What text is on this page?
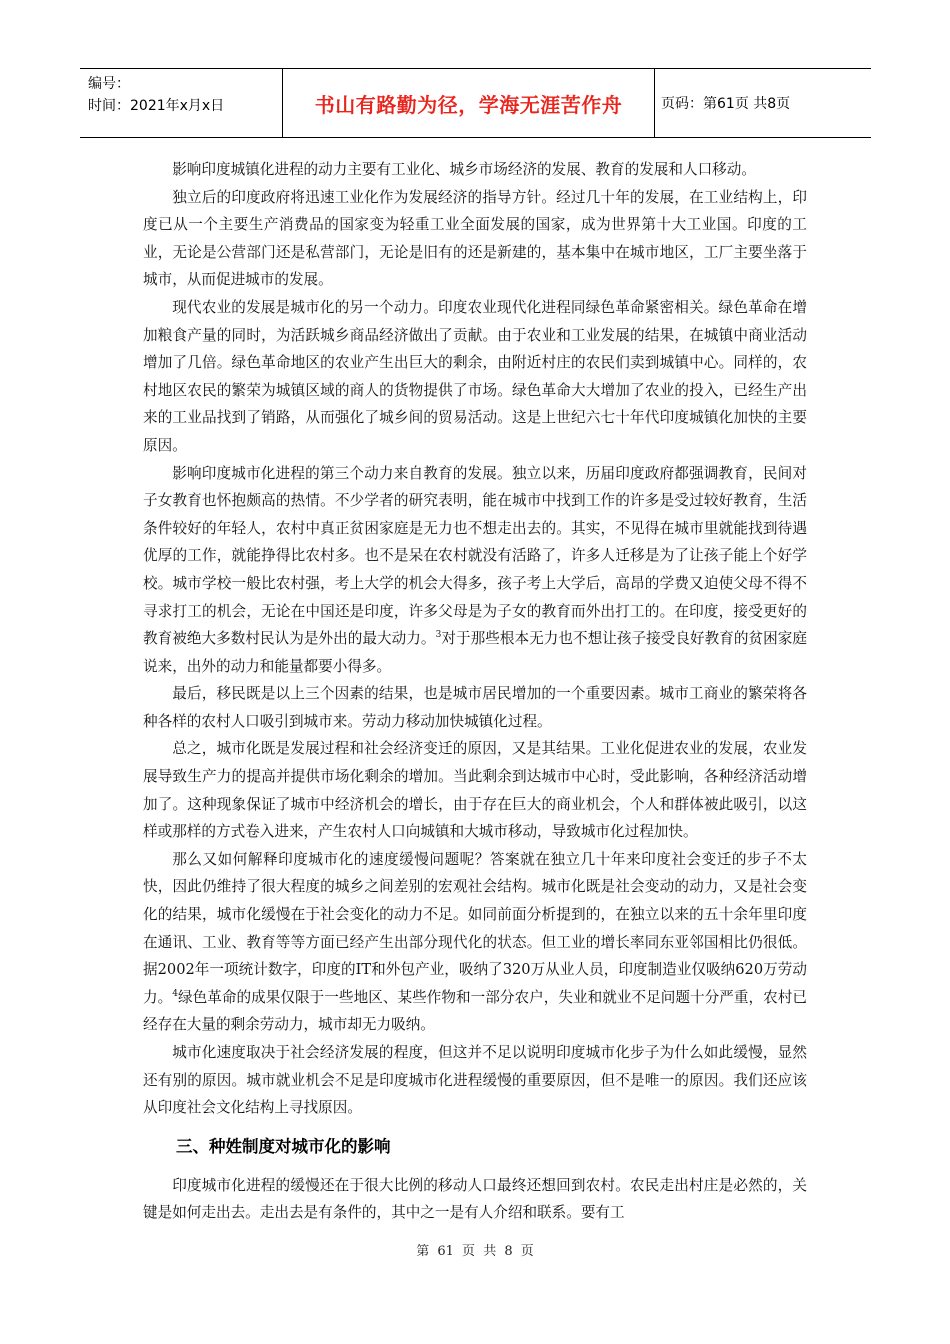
编号：
时间：2021年x月x日	书山有路勤为径，学海无涯苦作舟	页码：第61页 共8页

影响印度城镇化进程的动力主要有工业化、城乡市场经济的发展、教育的发展和人口移动。

独立后的印度政府将迅速工业化作为发展经济的指导方针。经过几十年的发展，在工业结构上，印度已从一个主要生产消费品的国家变为轻重工业全面发展的国家，成为世界第十大工业国。印度的工业，无论是公营部门还是私营部门，无论是旧有的还是新建的，基本集中在城市地区，工厂主要坐落于城市，从而促进城市的发展。

现代农业的发展是城市化的另一个动力。印度农业现代化进程同绿色革命紧密相关。绿色革命在增加粮食产量的同时，为活跃城乡商品经济做出了贡献。由于农业和工业发展的结果，在城镇中商业活动增加了几倍。绿色革命地区的农业产生出巨大的剩余，由附近村庄的农民们卖到城镇中心。同样的，农村地区农民的繁荣为城镇区域的商人的货物提供了市场。绿色革命大大增加了农业的投入，已经生产出来的工业品找到了销路，从而强化了城乡间的贸易活动。这是上世纪六七十年代印度城镇化加快的主要原因。

影响印度城市化进程的第三个动力来自教育的发展。独立以来，历届印度政府都强调教育，民间对子女教育也怀抱颇高的热情。不少学者的研究表明，能在城市中找到工作的许多是受过较好教育，生活条件较好的年轻人，农村中真正贫困家庭是无力也不想走出去的。其实，不见得在城市里就能找到待遇优厚的工作，就能挣得比农村多。也不是呆在农村就没有活路了，许多人迁移是为了让孩子能上个好学校。城市学校一般比农村强，考上大学的机会大得多，孩子考上大学后，高昂的学费又迫使父母不得不寻求打工的机会，无论在中国还是印度，许多父母是为子女的教育而外出打工的。在印度，接受更好的教育被绝大多数村民认为是外出的最大动力。$^3$对于那些根本无力也不想让孩子接受良好教育的贫困家庭说来，出外的动力和能量都要小得多。

最后，移民既是以上三个因素的结果，也是城市居民增加的一个重要因素。城市工商业的繁荣将各种各样的农村人口吸引到城市来。劳动力移动加快城镇化过程。

总之，城市化既是发展过程和社会经济变迁的原因，又是其结果。工业化促进农业的发展，农业发展导致生产力的提高并提供市场化剩余的增加。当此剩余到达城市中心时，受此影响，各种经济活动增加了。这种现象保证了城市中经济机会的增长，由于存在巨大的商业机会，个人和群体被此吸引，以这样或那样的方式卷入进来，产生农村人口向城镇和大城市移动，导致城市化过程加快。

那么又如何解释印度城市化的速度缓慢问题呢？答案就在独立几十年来印度社会变迁的步子不太快，因此仍维持了很大程度的城乡之间差别的宏观社会结构。城市化既是社会变动的动力，又是社会变化的结果，城市化缓慢在于社会变化的动力不足。如同前面分析提到的，在独立以来的五十余年里印度在通讯、工业、教育等等方面已经产生出部分现代化的状态。但工业的增长率同东亚邻国相比仍很低。据2002年一项统计数字，印度的IT和外包产业，吸纳了320万从业人员，印度制造业仅吸纳620万劳动力。$^4$绿色革命的成果仅限于一些地区、某些作物和一部分农户，失业和就业不足问题十分严重，农村已经存在大量的剩余劳动力，城市却无力吸纳。

城市化速度取决于社会经济发展的程度，但这并不足以说明印度城市化步子为什么如此缓慢，显然还有别的原因。城市就业机会不足是印度城市化进程缓慢的重要原因，但不是唯一的原因。我们还应该从印度社会文化结构上寻找原因。

三、种姓制度对城市化的影响

印度城市化进程的缓慢还在于很大比例的移动人口最终还想回到农村。农民走出村庄是必然的，关键是如何走出去。走出去是有条件的，其中之一是有人介绍和联系。要有工

第 61 页 共 8 页
